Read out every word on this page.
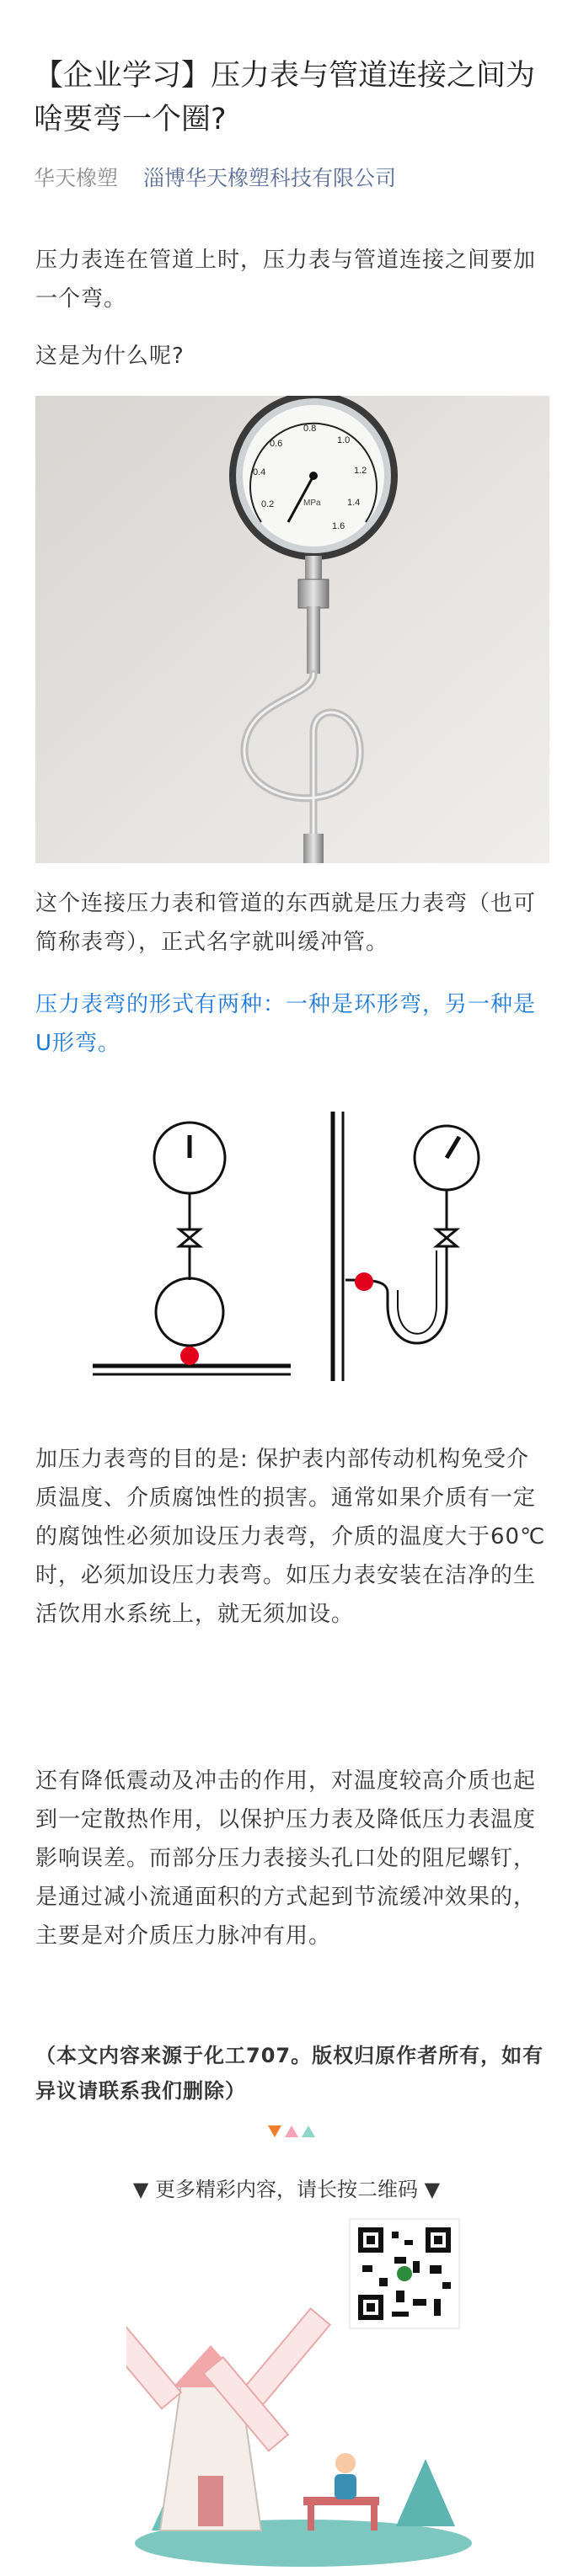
【企业学习】压力表与管道连接之间为啥要弯一个圈?
华天橡塑 淄博华天橡塑科技有限公司
压力表连在管道上时，压力表与管道连接之间要加一个弯。
这是为什么呢?
0.2
0.4
0.6
0.8
1.0
1.2
1.4
1.6
MPa
这个连接压力表和管道的东西就是压力表弯（也可简称表弯），正式名字就叫缓冲管。
压力表弯的形式有两种：一种是环形弯，另一种是U形弯。
加压力表弯的目的是: 保护表内部传动机构免受介质温度、介质腐蚀性的损害。通常如果介质有一定的腐蚀性必须加设压力表弯，介质的温度大于60℃时，必须加设压力表弯。如压力表安装在洁净的生活饮用水系统上，就无须加设。
还有降低震动及冲击的作用，对温度较高介质也起到一定散热作用，以保护压力表及降低压力表温度影响误差。而部分压力表接头孔口处的阻尼螺钉，是通过减小流通面积的方式起到节流缓冲效果的，主要是对介质压力脉冲有用。
（本文内容来源于化工707。版权归原作者所有，如有异议请联系我们删除）
▼ 更多精彩内容，请长按二维码 ▼
